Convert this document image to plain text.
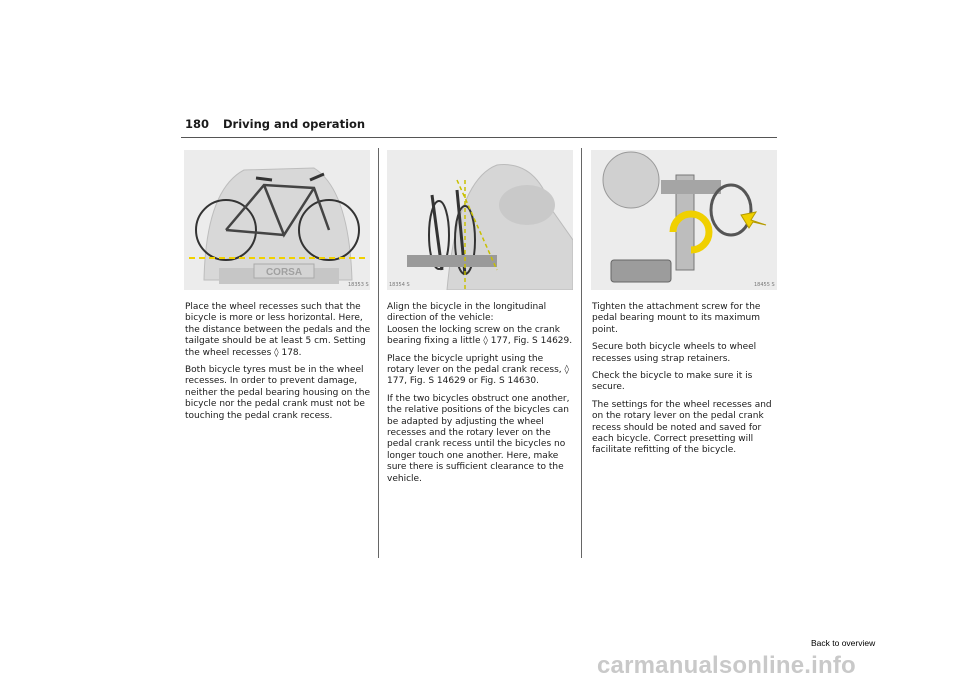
180 Driving and operation
CORSA
18353 S	18354 S	18455 S

Place the wheel recesses such that the bicycle is more or less horizontal. Here, the distance between the pedals and the tailgate should be at least 5 cm. Setting the wheel recesses ◊ 178.

Both bicycle tyres must be in the wheel recesses. In order to prevent damage, neither the pedal bearing housing on the bicycle nor the pedal crank must not be touching the pedal crank recess.

Align the bicycle in the longitudinal direction of the vehicle:
Loosen the locking screw on the crank bearing fixing a little ◊ 177, Fig. S 14629.

Place the bicycle upright using the rotary lever on the pedal crank recess, ◊ 177, Fig. S 14629 or Fig. S 14630.

If the two bicycles obstruct one another, the relative positions of the bicycles can be adapted by adjusting the wheel recesses and the rotary lever on the pedal crank recess until the bicycles no longer touch one another. Here, make sure there is sufficient clearance to the vehicle.

Tighten the attachment screw for the pedal bearing mount to its maximum point.

Secure both bicycle wheels to wheel recesses using strap retainers.

Check the bicycle to make sure it is secure.

The settings for the wheel recesses and on the rotary lever on the pedal crank recess should be noted and saved for each bicycle. Correct presetting will facilitate refitting of the bicycle.

Back to overview
carmanualsonline.info
